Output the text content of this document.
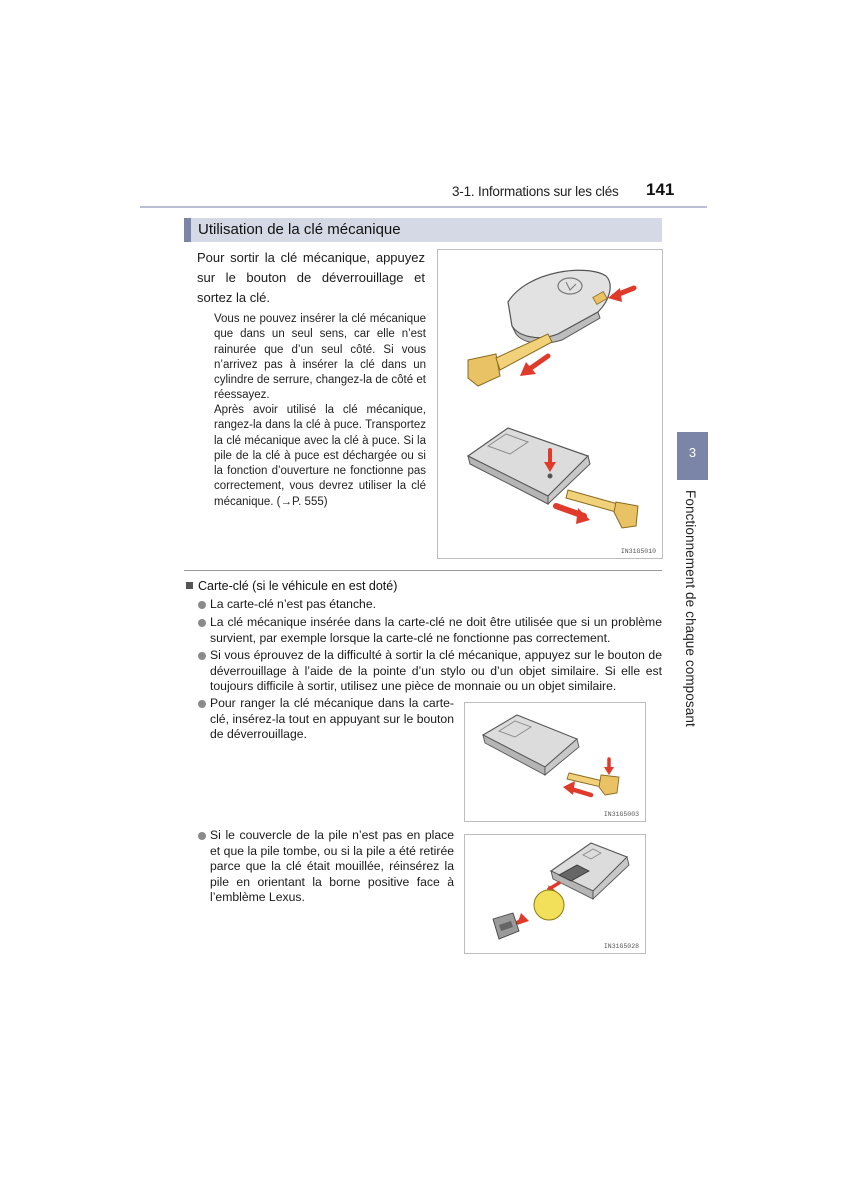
3-1. Informations sur les clés 141
Utilisation de la clé mécanique
3
Fonctionnement de chaque composant
Pour sortir la clé mécanique, appuyez sur le bouton de déverrouillage et sortez la clé.
Vous ne pouvez insérer la clé mécanique que dans un seul sens, car elle n’est rainurée que d’un seul côté. Si vous n’arrivez pas à insérer la clé dans un cylindre de serrure, changez-la de côté et réessayez.
Après avoir utilisé la clé mécanique, rangez-la dans la clé à puce. Transportez la clé mécanique avec la clé à puce. Si la pile de la clé à puce est déchargée ou si la fonction d’ouverture ne fonctionne pas correctement, vous devrez utiliser la clé mécanique. (→P. 555)
IN31G5010
Carte-clé (si le véhicule en est doté)
La carte-clé n’est pas étanche.
La clé mécanique insérée dans la carte-clé ne doit être utilisée que si un problème survient, par exemple lorsque la carte-clé ne fonctionne pas correctement.
Si vous éprouvez de la difficulté à sortir la clé mécanique, appuyez sur le bouton de déverrouillage à l’aide de la pointe d’un stylo ou d’un objet similaire. Si elle est toujours difficile à sortir, utilisez une pièce de monnaie ou un objet similaire.
Pour ranger la clé mécanique dans la carte-clé, insérez-la tout en appuyant sur le bouton de déverrouillage.
Si le couvercle de la pile n’est pas en place et que la pile tombe, ou si la pile a été retirée parce que la clé était mouillée, réinsérez la pile en orientant la borne positive face à l’emblème Lexus.
IN31G5003
IN31G5028
